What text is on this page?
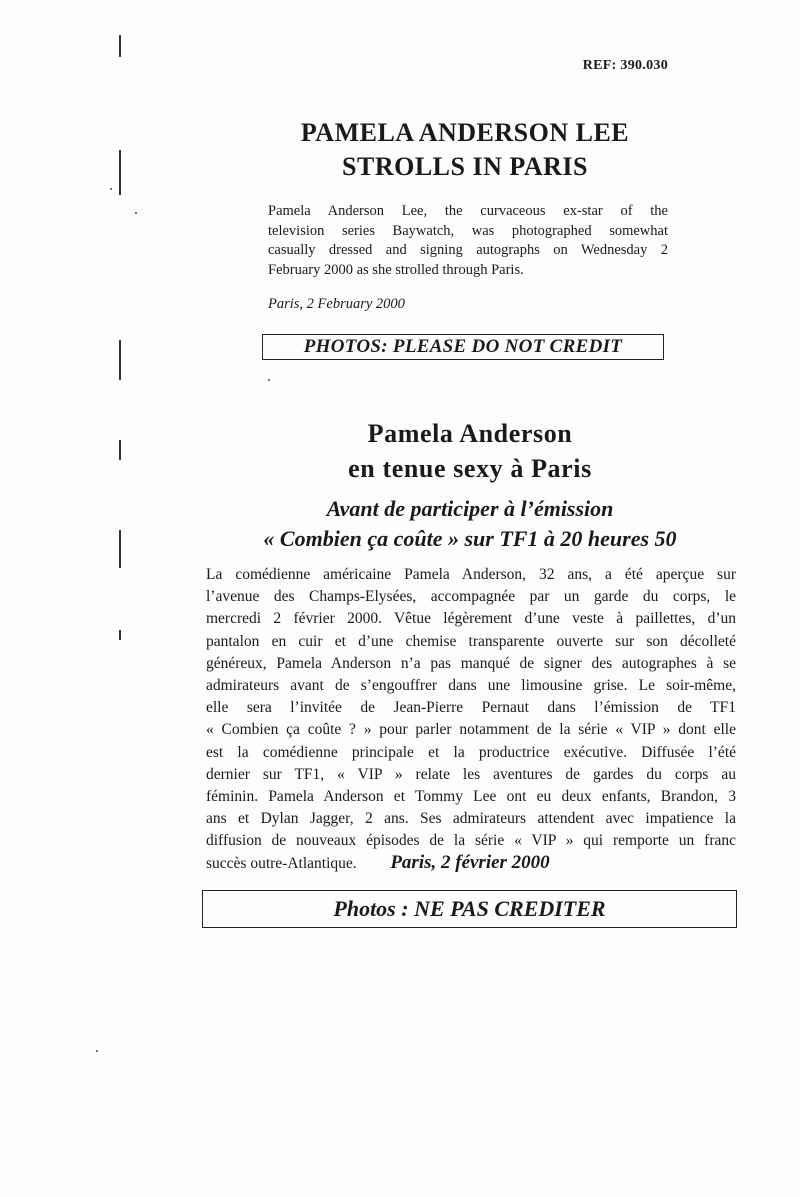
REF: 390.030
PAMELA ANDERSON LEE
STROLLS IN PARIS
Pamela Anderson Lee, the curvaceous ex-star of the
television series Baywatch, was photographed somewhat
casually dressed and signing autographs on Wednesday 2
February 2000 as she strolled through Paris.
Paris, 2 February 2000
PHOTOS: PLEASE DO NOT CREDIT
Pamela Anderson
en tenue sexy à Paris
Avant de participer à l’émission
« Combien ça coûte » sur TF1 à 20 heures 50
La comédienne américaine Pamela Anderson, 32 ans, a été aperçue sur
l’avenue des Champs-Elysées, accompagnée par un garde du corps, le
mercredi 2 février 2000. Vêtue légèrement d’une veste à paillettes, d’un
pantalon en cuir et d’une chemise transparente ouverte sur son décolleté
généreux, Pamela Anderson n’a pas manqué de signer des autographes à se
admirateurs avant de s’engouffrer dans une limousine grise. Le soir-même,
elle sera l’invitée de Jean-Pierre Pernaut dans l’émission de TF1
« Combien ça coûte ? » pour parler notamment de la série « VIP » dont elle
est la comédienne principale et la productrice exécutive. Diffusée l’été
dernier sur TF1, « VIP » relate les aventures de gardes du corps au
féminin. Pamela Anderson et Tommy Lee ont eu deux enfants, Brandon, 3
ans et Dylan Jagger, 2 ans. Ses admirateurs attendent avec impatience la
diffusion de nouveaux épisodes de la série « VIP » qui remporte un franc
succès outre-Atlantique.	Paris, 2 février 2000
Photos : NE PAS CREDITER
